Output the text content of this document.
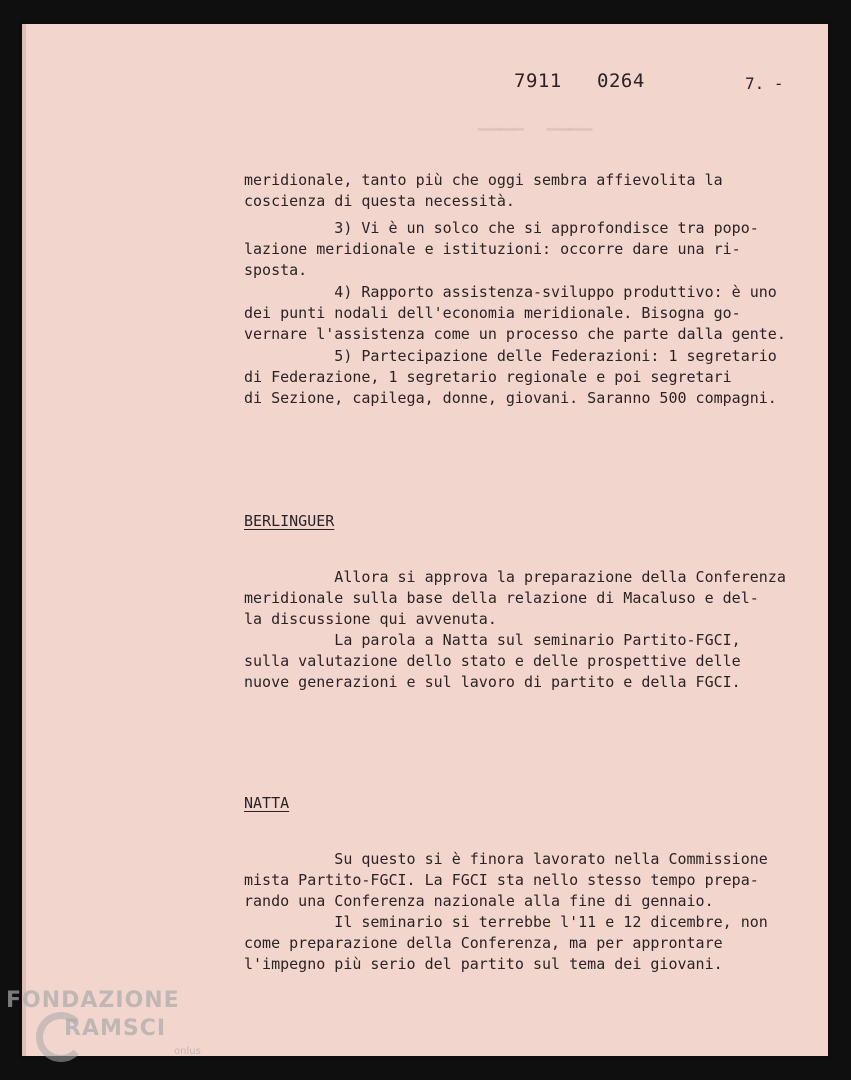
▁▁▁▁  ▁▁▁▁
7911 0264	7. -
meridionale, tanto più che oggi sembra affievolita la
coscienza di questa necessità.
3) Vi è un solco che si approfondisce tra popo-
lazione meridionale e istituzioni: occorre dare una ri-
sposta.
4) Rapporto assistenza-sviluppo produttivo: è uno
dei punti nodali dell'economia meridionale. Bisogna go-
vernare l'assistenza come un processo che parte dalla gente.
5) Partecipazione delle Federazioni: 1 segretario
di Federazione, 1 segretario regionale e poi segretari
di Sezione, capilega, donne, giovani. Saranno 500 compagni.
BERLINGUER
Allora si approva la preparazione della Conferenza
meridionale sulla base della relazione di Macaluso e del-
la discussione qui avvenuta.
La parola a Natta sul seminario Partito-FGCI,
sulla valutazione dello stato e delle prospettive delle
nuove generazioni e sul lavoro di partito e della FGCI.
NATTA
Su questo si è finora lavorato nella Commissione
mista Partito-FGCI. La FGCI sta nello stesso tempo prepa-
rando una Conferenza nazionale alla fine di gennaio.
Il seminario si terrebbe l'11 e 12 dicembre, non
come preparazione della Conferenza, ma per approntare
l'impegno più serio del partito sul tema dei giovani.
FONDAZIONE
RAMSCI
onlus
